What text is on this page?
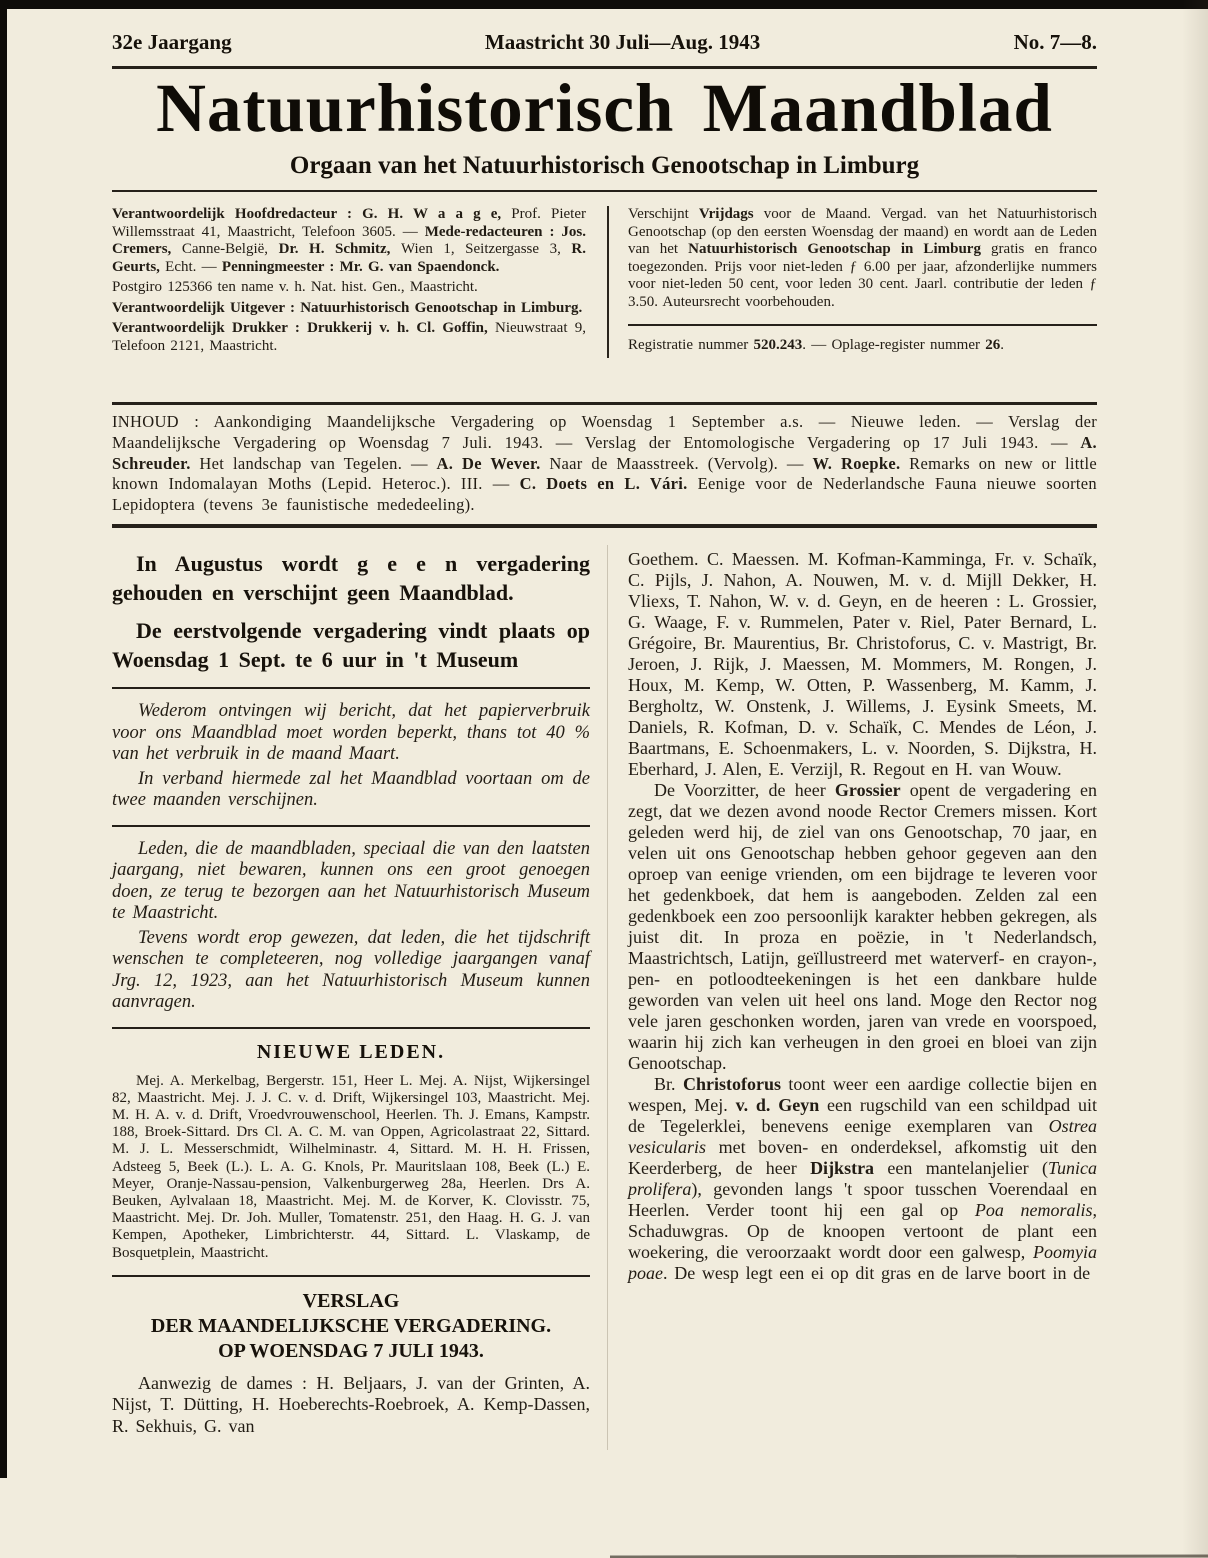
32e Jaargang	Maastricht 30 Juli—Aug. 1943	No. 7—8.
Natuurhistorisch Maandblad
Orgaan van het Natuurhistorisch Genootschap in Limburg

Verantwoordelijk Hoofdredacteur : G. H. W a a g e, Prof. Pieter Willemsstraat 41, Maastricht, Telefoon 3605. — Mede-redacteuren : Jos. Cremers, Canne-België, Dr. H. Schmitz, Wien 1, Seitzergasse 3, R. Geurts, Echt. — Penningmeester : Mr. G. van Spaendonck.

Postgiro 125366 ten name v. h. Nat. hist. Gen., Maastricht.

Verantwoordelijk Uitgever : Natuurhistorisch Genootschap in Limburg.

Verantwoordelijk Drukker : Drukkerij v. h. Cl. Goffin, Nieuwstraat 9, Telefoon 2121, Maastricht.

Verschijnt Vrijdags voor de Maand. Vergad. van het Natuurhistorisch Genootschap (op den eersten Woensdag der maand) en wordt aan de Leden van het Natuurhistorisch Genootschap in Limburg gratis en franco toegezonden. Prijs voor niet-leden ƒ 6.00 per jaar, afzonderlijke nummers voor niet-leden 50 cent, voor leden 30 cent. Jaarl. contributie der leden ƒ 3.50. Auteursrecht voorbehouden.

Registratie nummer 520.243. — Oplage-register nummer 26.

INHOUD : Aankondiging Maandelijksche Vergadering op Woensdag 1 September a.s. — Nieuwe leden. — Verslag der Maandelijksche Vergadering op Woensdag 7 Juli. 1943. — Verslag der Entomologische Vergadering op 17 Juli 1943. — A. Schreuder. Het landschap van Tegelen. — A. De Wever. Naar de Maasstreek. (Vervolg). — W. Roepke. Remarks on new or little known Indomalayan Moths (Lepid. Heteroc.). III. — C. Doets en L. Vári. Eenige voor de Nederlandsche Fauna nieuwe soorten Lepidoptera (tevens 3e faunistische mededeeling).

In Augustus wordt g e e n vergadering gehouden en verschijnt geen Maandblad.

De eerstvolgende vergadering vindt plaats op Woensdag 1 Sept. te 6 uur in 't Museum

Wederom ontvingen wij bericht, dat het papierverbruik voor ons Maandblad moet worden beperkt, thans tot 40 % van het verbruik in de maand Maart.

In verband hiermede zal het Maandblad voortaan om de twee maanden verschijnen.

Leden, die de maandbladen, speciaal die van den laatsten jaargang, niet bewaren, kunnen ons een groot genoegen doen, ze terug te bezorgen aan het Natuurhistorisch Museum te Maastricht.

Tevens wordt erop gewezen, dat leden, die het tijdschrift wenschen te completeeren, nog volledige jaargangen vanaf Jrg. 12, 1923, aan het Natuurhistorisch Museum kunnen aanvragen.

NIEUWE LEDEN.

Mej. A. Merkelbag, Bergerstr. 151, Heer L. Mej. A. Nijst, Wijkersingel 82, Maastricht. Mej. J. J. C. v. d. Drift, Wijkersingel 103, Maastricht. Mej. M. H. A. v. d. Drift, Vroedvrouwenschool, Heerlen. Th. J. Emans, Kampstr. 188, Broek-Sittard. Drs Cl. A. C. M. van Oppen, Agricolastraat 22, Sittard. M. J. L. Messerschmidt, Wilhelminastr. 4, Sittard. M. H. H. Frissen, Adsteeg 5, Beek (L.). L. A. G. Knols, Pr. Mauritslaan 108, Beek (L.) E. Meyer, Oranje-Nassau-pension, Valkenburgerweg 28a, Heerlen. Drs A. Beuken, Aylvalaan 18, Maastricht. Mej. M. de Korver, K. Clovisstr. 75, Maastricht. Mej. Dr. Joh. Muller, Tomatenstr. 251, den Haag. H. G. J. van Kempen, Apotheker, Limbrichterstr. 44, Sittard. L. Vlaskamp, de Bosquetplein, Maastricht.

VERSLAG
DER MAANDELIJKSCHE VERGADERING.
OP WOENSDAG 7 JULI 1943.

Aanwezig de dames : H. Beljaars, J. van der Grinten, A. Nijst, T. Dütting, H. Hoeberechts-Roebroek, A. Kemp-Dassen, R. Sekhuis, G. van

Goethem. C. Maessen. M. Kofman-Kamminga, Fr. v. Schaïk, C. Pijls, J. Nahon, A. Nouwen, M. v. d. Mijll Dekker, H. Vliexs, T. Nahon, W. v. d. Geyn, en de heeren : L. Grossier, G. Waage, F. v. Rummelen, Pater v. Riel, Pater Bernard, L. Grégoire, Br. Maurentius, Br. Christoforus, C. v. Mastrigt, Br. Jeroen, J. Rijk, J. Maessen, M. Mommers, M. Rongen, J. Houx, M. Kemp, W. Otten, P. Wassenberg, M. Kamm, J. Bergholtz, W. Onstenk, J. Willems, J. Eysink Smeets, M. Daniels, R. Kofman, D. v. Schaïk, C. Mendes de Léon, J. Baartmans, E. Schoenmakers, L. v. Noorden, S. Dijkstra, H. Eberhard, J. Alen, E. Verzijl, R. Regout en H. van Wouw.

De Voorzitter, de heer Grossier opent de vergadering en zegt, dat we dezen avond noode Rector Cremers missen. Kort geleden werd hij, de ziel van ons Genootschap, 70 jaar, en velen uit ons Genootschap hebben gehoor gegeven aan den oproep van eenige vrienden, om een bijdrage te leveren voor het gedenkboek, dat hem is aangeboden. Zelden zal een gedenkboek een zoo persoonlijk karakter hebben gekregen, als juist dit. In proza en poëzie, in 't Nederlandsch, Maastrichtsch, Latijn, geïllustreerd met waterverf- en crayon-, pen- en potloodteekeningen is het een dankbare hulde geworden van velen uit heel ons land. Moge den Rector nog vele jaren geschonken worden, jaren van vrede en voorspoed, waarin hij zich kan verheugen in den groei en bloei van zijn Genootschap.

Br. Christoforus toont weer een aardige collectie bijen en wespen, Mej. v. d. Geyn een rugschild van een schildpad uit de Tegelerklei, benevens eenige exemplaren van Ostrea vesicularis met boven- en onderdeksel, afkomstig uit den Keerderberg, de heer Dijkstra een mantelanjelier (Tunica prolifera), gevonden langs 't spoor tusschen Voerendaal en Heerlen. Verder toont hij een gal op Poa nemoralis, Schaduwgras. Op de knoopen vertoont de plant een woekering, die veroorzaakt wordt door een galwesp, Poomyia poae. De wesp legt een ei op dit gras en de larve boort in de
